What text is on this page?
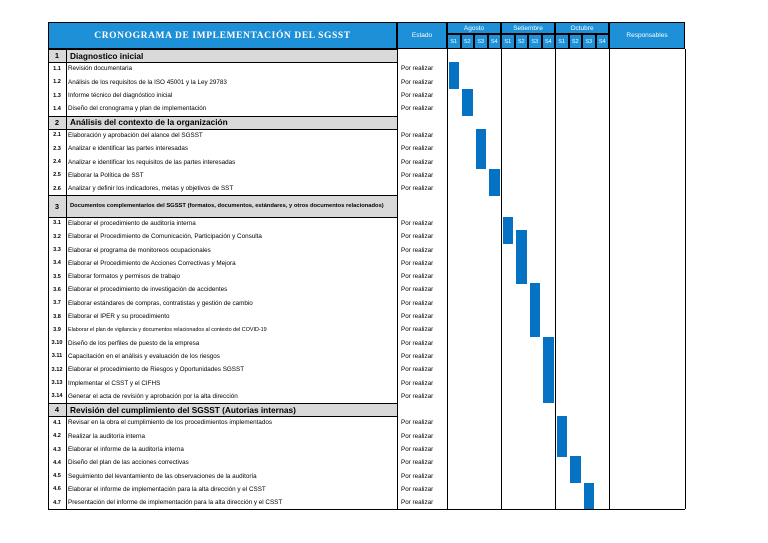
CRONOGRAMA DE IMPLEMENTACIÓN DEL SGSST	Estado
Agosto	Setiembre	Octubre
S1	S2	S3	S4	S1	S2	S3	S4	S1	S2	S3	S4
Responsables
1	Diagnostico inicial
1.1	Revisión documentaria	Por realizar
1.2	Análisis de los requisitos de la ISO 45001 y la Ley 29783	Por realizar
1.3	Informe técnico del diagnóstico inicial	Por realizar
1.4	Diseño del cronograma y plan de implementación	Por realizar
2	Análisis del contexto de la organización
2.1	Elaboración y aprobación del alance del SGSST	Por realizar
2.3	Analizar e identificar las partes interesadas	Por realizar
2.4	Analizar e identificar los requisitos de las partes interesadas	Por realizar
2.5	Elaborar la Política de SST	Por realizar
2.6	Analizar y definir los indicadores, metas y objetivos de SST	Por realizar
3	Documentos complementarios del SGSST (formatos, documentos, estándares, y otros documentos relacionados)
3.1	Elaborar el procedimiento de auditoría interna	Por realizar
3.2	Elaborar el Procedimiento de Comunicación, Participación y Consulta	Por realizar
3.3	Elaborar el programa de monitoreos ocupacionales	Por realizar
3.4	Elaborar el Procedimiento de Acciones Correctivas y Mejora	Por realizar
3.5	Elaborar formatos y permisos de trabajo	Por realizar
3.6	Elaborar el procedimiento de investigación de accidentes	Por realizar
3.7	Elaborar estándares de compras, contratistas y gestión de cambio	Por realizar
3.8	Elaborar el IPER y su procedimiento	Por realizar
3.9	Elaborar el plan de vigilancia y documentos relacionados al contexto del COVID-19	Por realizar
3.10 Diseño de los perfiles de puesto de la empresa	Por realizar
3.11 Capacitación en el análisis y evaluación de los riesgos	Por realizar
3.12 Elaborar el procedimiento de Riesgos y Oportunidades SGSST	Por realizar
3.13 Implementar el CSST y el CIFHS	Por realizar
3.14 Generar el acta de revisión y aprobación por la alta dirección	Por realizar
4	Revisión del cumplimiento del SGSST (Autorias internas)
4.1	Revisar en la obra el cumplimiento de los procedimientos implementados	Por realizar
4.2	Realizar la auditoría interna	Por realizar
4.3	Elaborar el informe de la auditoría interna	Por realizar
4.4	Diseño del plan de las acciones correctivas	Por realizar
4.5	Seguimiento del levantamiento de las observaciones de la auditoría	Por realizar
4.6	Elaborar el informe de implementación para la alta dirección y el CSST	Por realizar
4.7	Presentación del informe de implementación para la alta dirección y el CSST	Por realizar
